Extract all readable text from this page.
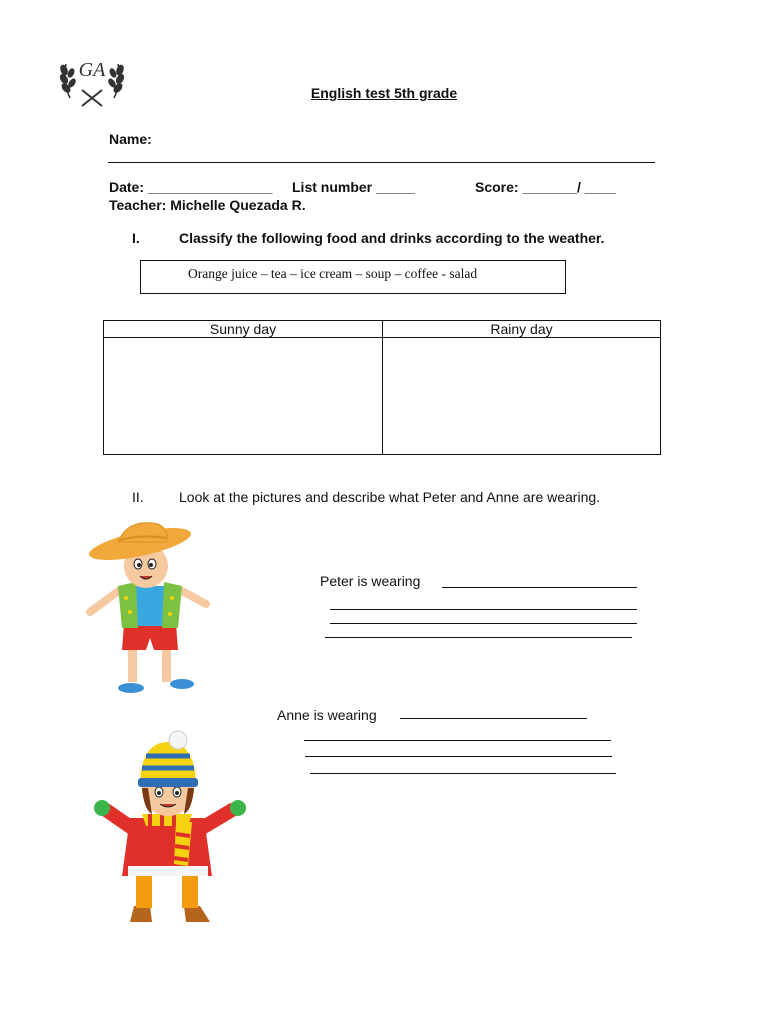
GA
English test 5th grade
Name:
Date: ________________ List number _____	Score: _______/ ____
Teacher: Michelle Quezada R.
I.	Classify the following food and drinks according to the weather.
Orange juice – tea – ice cream – soup – coffee - salad
Sunny day	Rainy day

II.	Look at the pictures and describe what Peter and Anne are wearing.
Peter is wearing
Anne is wearing
